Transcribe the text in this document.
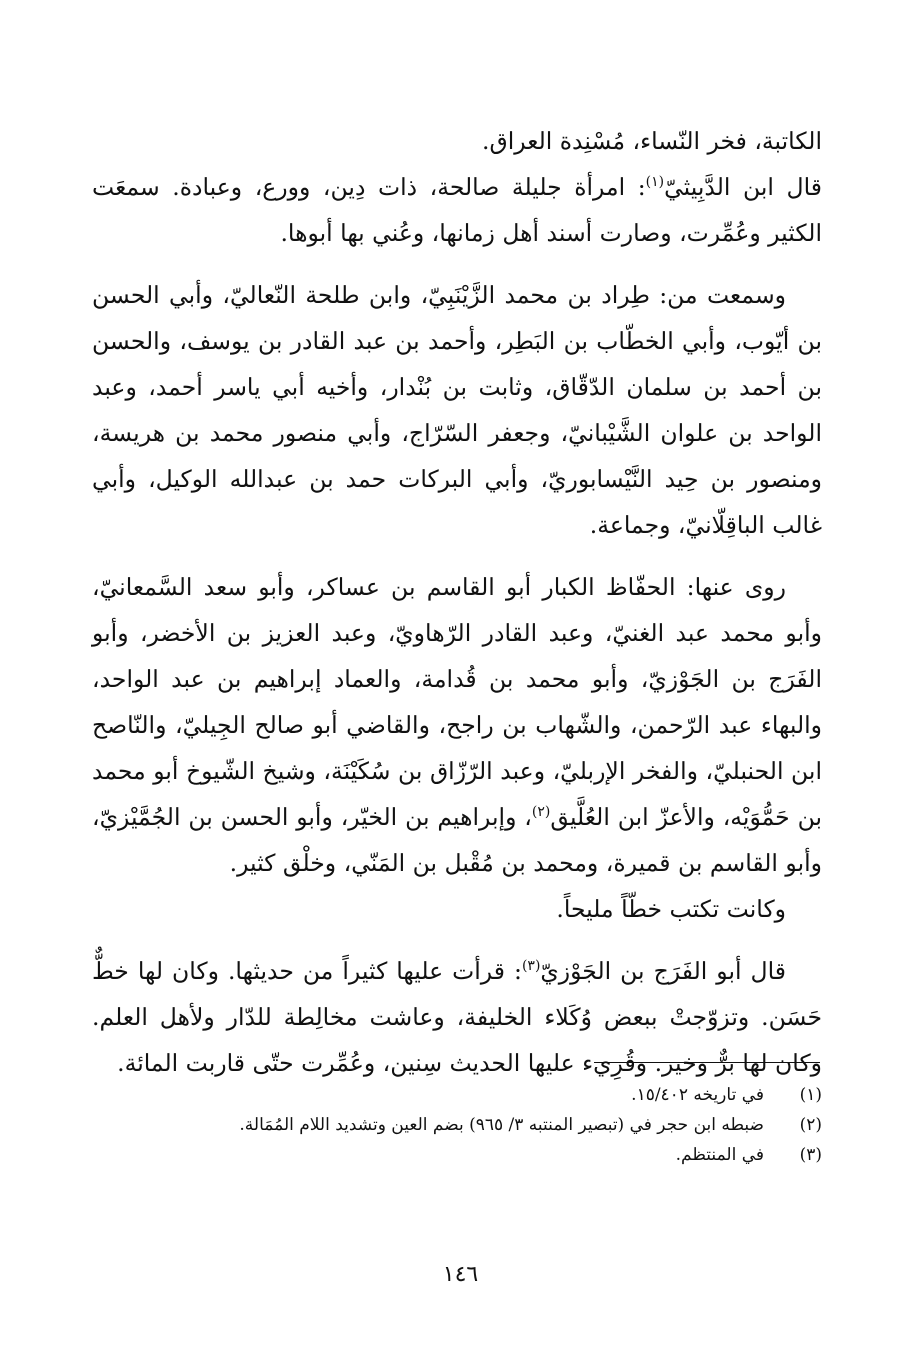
الكاتبة، فخر النّساء، مُسْنِدة العراق.

قال ابن الدَّبِيثيّ$^{(١)}$: امرأة جليلة صالحة، ذات دِين، وورع، وعبادة. سمعَت الكثير وعُمِّرت، وصارت أسند أهل زمانها، وعُني بها أبوها.

وسمعت من: طِراد بن محمد الزَّيْنَبِيّ، وابن طلحة النّعاليّ، وأبي الحسن بن أيّوب، وأبي الخطّاب بن البَطِر، وأحمد بن عبد القادر بن يوسف، والحسن بن أحمد بن سلمان الدّقّاق، وثابت بن بُنْدار، وأخيه أبي ياسر أحمد، وعبد الواحد بن علوان الشَّيْبانيّ، وجعفر السّرّاج، وأبي منصور محمد بن هريسة، ومنصور بن حِيد النَّيْسابوريّ، وأبي البركات حمد بن عبدالله الوكيل، وأبي غالب الباقِلّانيّ، وجماعة.

روى عنها: الحفّاظ الكبار أبو القاسم بن عساكر، وأبو سعد السَّمعانيّ، وأبو محمد عبد الغنيّ، وعبد القادر الرّهاويّ، وعبد العزيز بن الأخضر، وأبو الفَرَج بن الجَوْزيّ، وأبو محمد بن قُدامة، والعماد إبراهيم بن عبد الواحد، والبهاء عبد الرّحمن، والشّهاب بن راجح، والقاضي أبو صالح الجِيليّ، والنّاصح ابن الحنبليّ، والفخر الإربليّ، وعبد الرّزّاق بن سُكَيْنَة، وشيخ الشّيوخ أبو محمد بن حَمُّوَيْه، والأعزّ ابن العُلَّيق$^{(٢)}$، وإبراهيم بن الخيّر، وأبو الحسن بن الجُمَّيْزيّ، وأبو القاسم بن قميرة، ومحمد بن مُقْبل بن المَنّي، وخلْق كثير.

وكانت تكتب خطّاً مليحاً.

قال أبو الفَرَج بن الجَوْزيّ$^{(٣)}$: قرأت عليها كثيراً من حديثها. وكان لها خطٌّ حَسَن. وتزوّجتْ ببعض وُكَلاء الخليفة، وعاشت مخالِطة للدّار ولأهل العلم. وكان لها برٌّ وخير. وقُرِيء عليها الحديث سِنين، وعُمِّرت حتّى قاربت المائة.

(١)
في تاريخه ١٥/٤٠٢.
(٢)
ضبطه ابن حجر في (تبصير المنتبه ٣/ ٩٦٥) بضم العين وتشديد اللام المُمَالة.
(٣)
في المنتظم.
١٤٦
